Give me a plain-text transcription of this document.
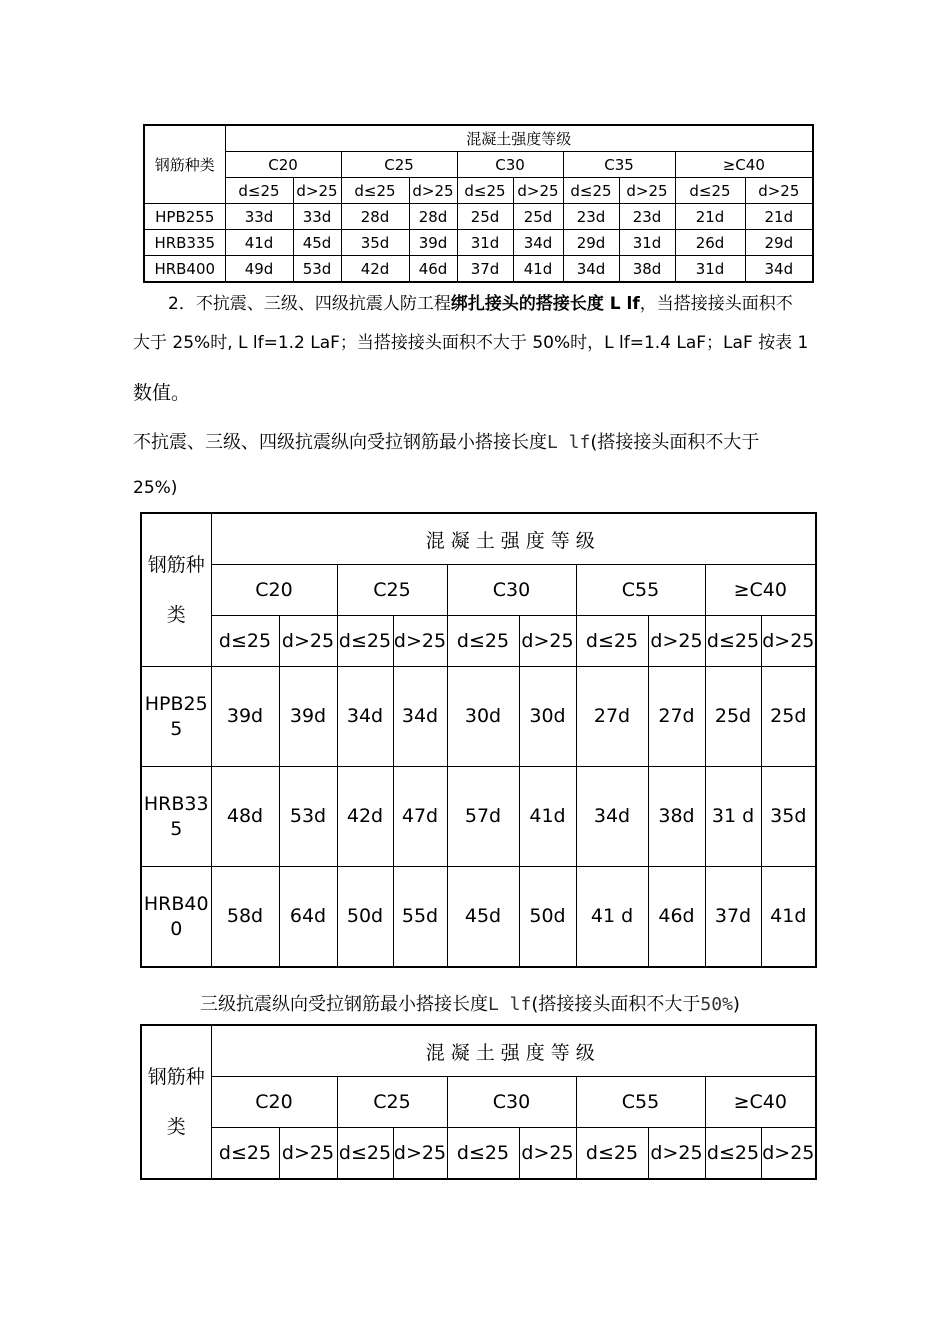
钢筋种类	混凝土强度等级									
	C20		C25		C30		C35		≥C40	
	d≤25	d>25	d≤25	d>25	d≤25	d>25	d≤25	d>25	d≤25	d>25
HPB255	33d	33d	28d	28d	25d	25d	23d	23d	21d	21d
HRB335	41d	45d	35d	39d	31d	34d	29d	31d	26d	29d
HRB400	49d	53d	42d	46d	37d	41d	34d	38d	31d	34d
2．不抗震、三级、四级抗震人防工程绑扎接头的搭接长度 L lf，当搭接接头面积不
大于 25%时, L lf=1.2 LaF；当搭接接头面积不大于 50%时，L lf=1.4 LaF；LaF 按表 1
数值。
不抗震、三级、四级抗震纵向受拉钢筋最小搭接长度L lf(搭接接头面积不大于
25%)
钢筋种
类	混凝土强度等级									
	C20		C25		C30		C55		≥C40	
	d≤25	d>25	d≤25	d>25	d≤25	d>25	d≤25	d>25	d≤25	d>25

HPB25
5	39d	39d	34d	34d	30d	30d	27d	27d	25d	25d

HRB33
5	48d	53d	42d	47d	57d	41d	34d	38d	31 d	35d

HRB40
0	58d	64d	50d	55d	45d	50d	41 d	46d	37d	41d
三级抗震纵向受拉钢筋最小搭接长度L lf(搭接接头面积不大于50%)
钢筋种
类	混凝土强度等级									
	C20		C25		C30		C55		≥C40	
	d≤25	d>25	d≤25	d>25	d≤25	d>25	d≤25	d>25	d≤25	d>25
